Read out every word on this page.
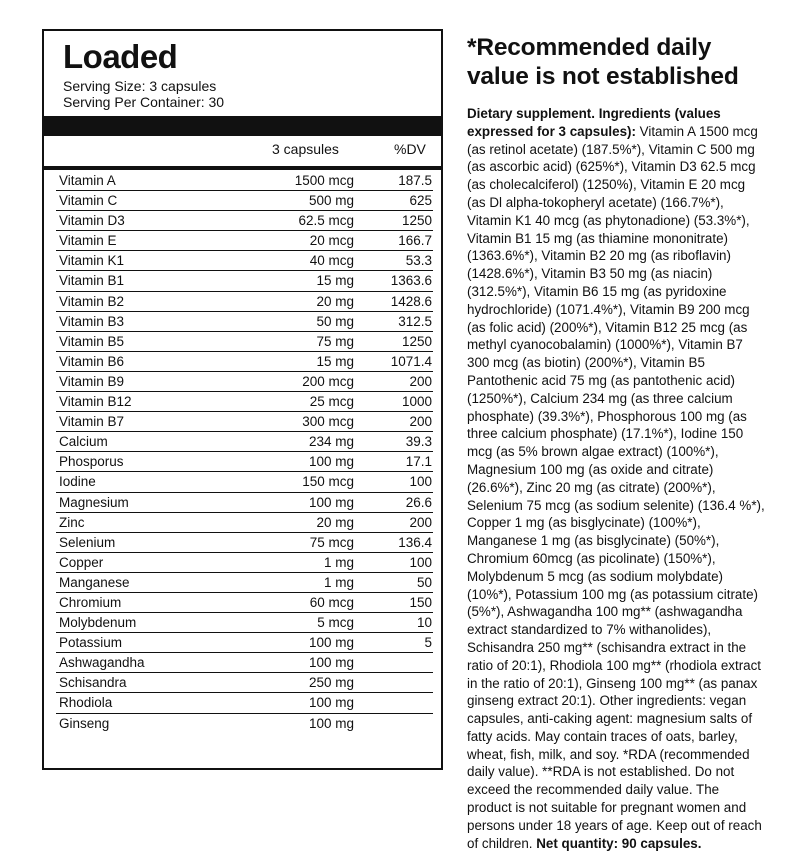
Loaded
Serving Size: 3 capsules
Serving Per Container: 30
3 capsules	%DV
Vitamin A	1500 mcg	187.5
Vitamin C	500 mg	625
Vitamin D3	62.5 mcg	1250
Vitamin E	20 mcg	166.7
Vitamin K1	40 mcg	53.3
Vitamin B1	15 mg	1363.6
Vitamin B2	20 mg	1428.6
Vitamin B3	50 mg	312.5
Vitamin B5	75 mg	1250
Vitamin B6	15 mg	1071.4
Vitamin B9	200 mcg	200
Vitamin B12	25 mcg	1000
Vitamin B7	300 mcg	200
Calcium	234 mg	39.3
Phosporus	100 mg	17.1
Iodine	150 mcg	100
Magnesium	100 mg	26.6
Zinc	20 mg	200
Selenium	75 mcg	136.4
Copper	1 mg	100
Manganese	1 mg	50
Chromium	60 mcg	150
Molybdenum	5 mcg	10
Potassium	100 mg	5
Ashwagandha	100 mg
Schisandra	250 mg
Rhodiola	100 mg
Ginseng	100 mg

*Recommended daily value is not established

Dietary supplement. Ingredients (values expressed for 3 capsules): Vitamin A 1500 mcg (as retinol acetate) (187.5%*), Vitamin C 500 mg (as ascorbic acid) (625%*), Vitamin D3 62.5 mcg (as cholecalciferol) (1250%), Vitamin E 20 mcg (as Dl alpha-tokopheryl acetate) (166.7%*), Vitamin K1 40 mcg (as phytonadione) (53.3%*), Vitamin B1 15 mg (as thiamine mononitrate) (1363.6%*), Vitamin B2 20 mg (as riboflavin)(1428.6%*), Vitamin B3 50 mg (as niacin) (312.5%*), Vitamin B6 15 mg (as pyridoxine hydrochloride) (1071.4%*), Vitamin B9 200 mcg (as folic acid) (200%*), Vitamin B12 25 mcg (as methyl cyanocobalamin) (1000%*), Vitamin B7 300 mcg (as biotin) (200%*), Vitamin B5 Pantothenic acid 75 mg (as pantothenic acid) (1250%*), Calcium 234 mg (as three calcium phosphate) (39.3%*), Phosphorous 100 mg (as three calcium phosphate) (17.1%*), Iodine 150 mcg (as 5% brown algae extract) (100%*), Magnesium 100 mg (as oxide and citrate) (26.6%*), Zinc 20 mg (as citrate) (200%*), Selenium 75 mcg (as sodium selenite) (136.4 %*), Copper 1 mg (as bisglycinate) (100%*), Manganese 1 mg (as bisglycinate) (50%*), Chromium 60mcg (as picolinate) (150%*), Molybdenum 5 mcg (as sodium molybdate) (10%*), Potassium 100 mg (as potassium citrate) (5%*), Ashwagandha 100 mg** (ashwagandha extract standardized to 7% withanolides), Schisandra 250 mg** (schisandra extract in the ratio of 20:1), Rhodiola 100 mg** (rhodiola extract in the ratio of 20:1), Ginseng 100 mg** (as panax ginseng extract 20:1). Other ingredients: vegan capsules, anti-caking agent: magnesium salts of fatty acids. May contain traces of oats, barley, wheat, fish, milk, and soy. *RDA (recommended daily value). **RDA is not established. Do not exceed the recommended daily value. The product is not suitable for pregnant women and persons under 18 years of age. Keep out of reach of children. Net quantity: 90 capsules.
